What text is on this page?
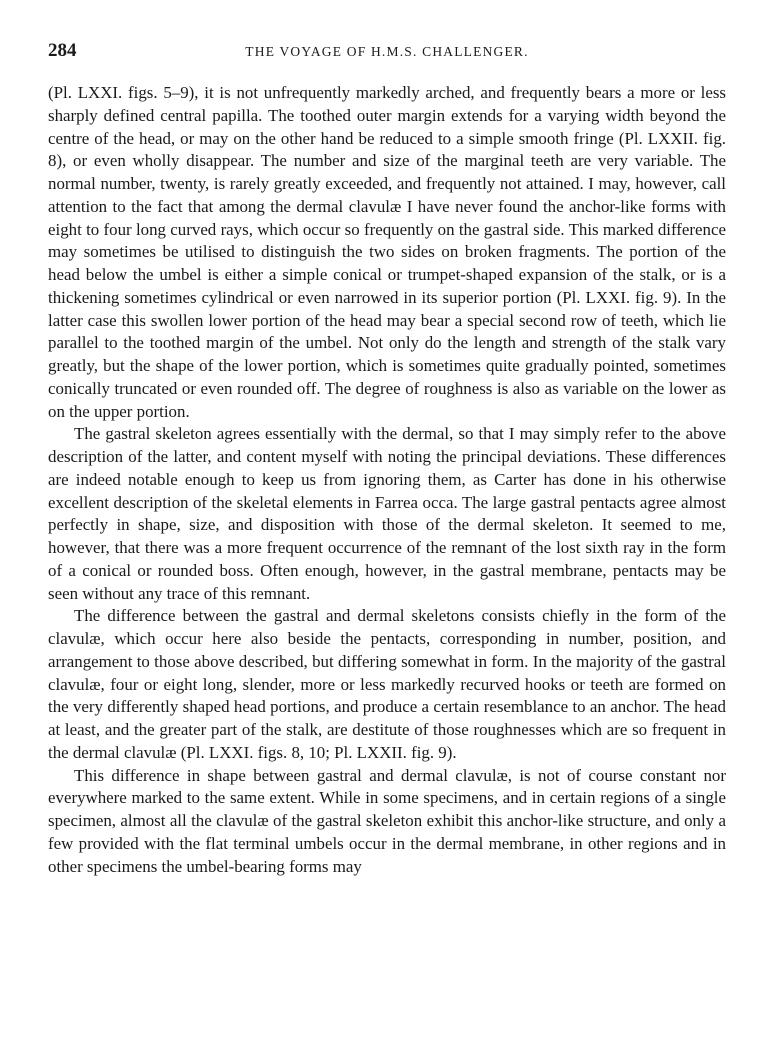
284	THE VOYAGE OF H.M.S. CHALLENGER.

(Pl. LXXI. figs. 5–9), it is not unfrequently markedly arched, and frequently bears a more or less sharply defined central papilla. The toothed outer margin extends for a varying width beyond the centre of the head, or may on the other hand be reduced to a simple smooth fringe (Pl. LXXII. fig. 8), or even wholly disappear. The number and size of the marginal teeth are very variable. The normal number, twenty, is rarely greatly exceeded, and frequently not attained. I may, however, call attention to the fact that among the dermal clavulæ I have never found the anchor-like forms with eight to four long curved rays, which occur so frequently on the gastral side. This marked difference may sometimes be utilised to distinguish the two sides on broken fragments. The portion of the head below the umbel is either a simple conical or trumpet-shaped expansion of the stalk, or is a thickening sometimes cylindrical or even narrowed in its superior portion (Pl. LXXI. fig. 9). In the latter case this swollen lower portion of the head may bear a special second row of teeth, which lie parallel to the toothed margin of the umbel. Not only do the length and strength of the stalk vary greatly, but the shape of the lower portion, which is sometimes quite gradually pointed, sometimes conically truncated or even rounded off. The degree of roughness is also as variable on the lower as on the upper portion.

The gastral skeleton agrees essentially with the dermal, so that I may simply refer to the above description of the latter, and content myself with noting the principal deviations. These differences are indeed notable enough to keep us from ignoring them, as Carter has done in his otherwise excellent description of the skeletal elements in Farrea occa. The large gastral pentacts agree almost perfectly in shape, size, and disposition with those of the dermal skeleton. It seemed to me, however, that there was a more frequent occurrence of the remnant of the lost sixth ray in the form of a conical or rounded boss. Often enough, however, in the gastral membrane, pentacts may be seen without any trace of this remnant.

The difference between the gastral and dermal skeletons consists chiefly in the form of the clavulæ, which occur here also beside the pentacts, corresponding in number, position, and arrangement to those above described, but differing somewhat in form. In the majority of the gastral clavulæ, four or eight long, slender, more or less markedly recurved hooks or teeth are formed on the very differently shaped head portions, and produce a certain resemblance to an anchor. The head at least, and the greater part of the stalk, are destitute of those roughnesses which are so frequent in the dermal clavulæ (Pl. LXXI. figs. 8, 10; Pl. LXXII. fig. 9).

This difference in shape between gastral and dermal clavulæ, is not of course constant nor everywhere marked to the same extent. While in some specimens, and in certain regions of a single specimen, almost all the clavulæ of the gastral skeleton exhibit this anchor-like structure, and only a few provided with the flat terminal umbels occur in the dermal membrane, in other regions and in other specimens the umbel-bearing forms may
